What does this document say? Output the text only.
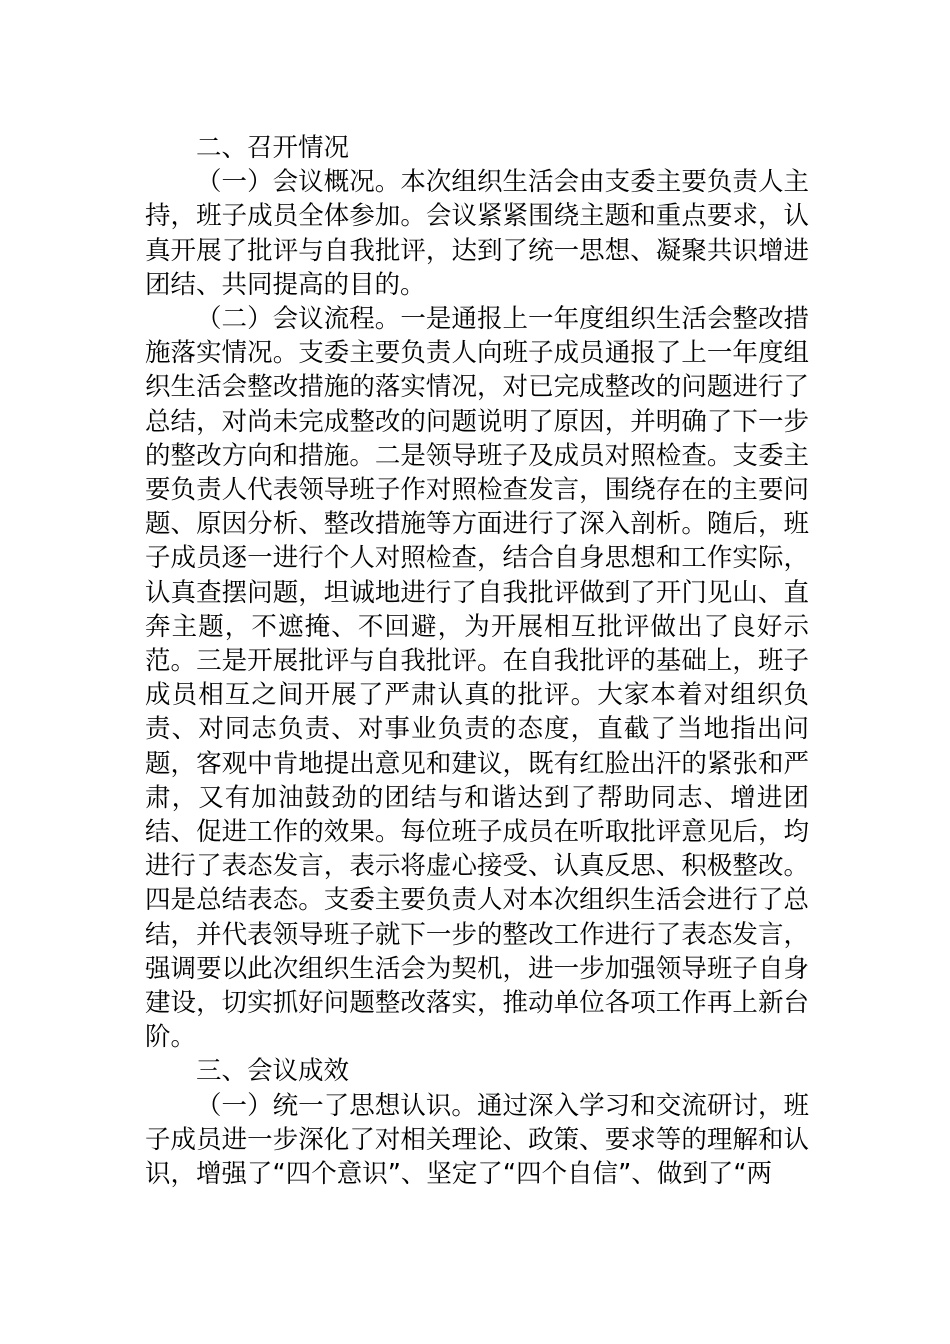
二、召开情况

（一）会议概况。本次组织生活会由支委主要负责人主持，班子成员全体参加。会议紧紧围绕主题和重点要求，认真开展了批评与自我批评，达到了统一思想、凝聚共识增进团结、共同提高的目的。

（二）会议流程。一是通报上一年度组织生活会整改措施落实情况。支委主要负责人向班子成员通报了上一年度组织生活会整改措施的落实情况，对已完成整改的问题进行了总结，对尚未完成整改的问题说明了原因，并明确了下一步的整改方向和措施。二是领导班子及成员对照检查。支委主要负责人代表领导班子作对照检查发言，围绕存在的主要问题、原因分析、整改措施等方面进行了深入剖析。随后，班子成员逐一进行个人对照检查，结合自身思想和工作实际，认真查摆问题，坦诚地进行了自我批评做到了开门见山、直奔主题，不遮掩、不回避，为开展相互批评做出了良好示范。三是开展批评与自我批评。在自我批评的基础上，班子成员相互之间开展了严肃认真的批评。大家本着对组织负责、对同志负责、对事业负责的态度，直截了当地指出问题，客观中肯地提出意见和建议，既有红脸出汗的紧张和严肃，又有加油鼓劲的团结与和谐达到了帮助同志、增进团结、促进工作的效果。每位班子成员在听取批评意见后，均进行了表态发言，表示将虚心接受、认真反思、积极整改。四是总结表态。支委主要负责人对本次组织生活会进行了总结，并代表领导班子就下一步的整改工作进行了表态发言，强调要以此次组织生活会为契机，进一步加强领导班子自身建设，切实抓好问题整改落实，推动单位各项工作再上新台阶。

三、会议成效

（一）统一了思想认识。通过深入学习和交流研讨，班子成员进一步深化了对相关理论、政策、要求等的理解和认识，增强了“四个意识”、坚定了“四个自信”、做到了“两
